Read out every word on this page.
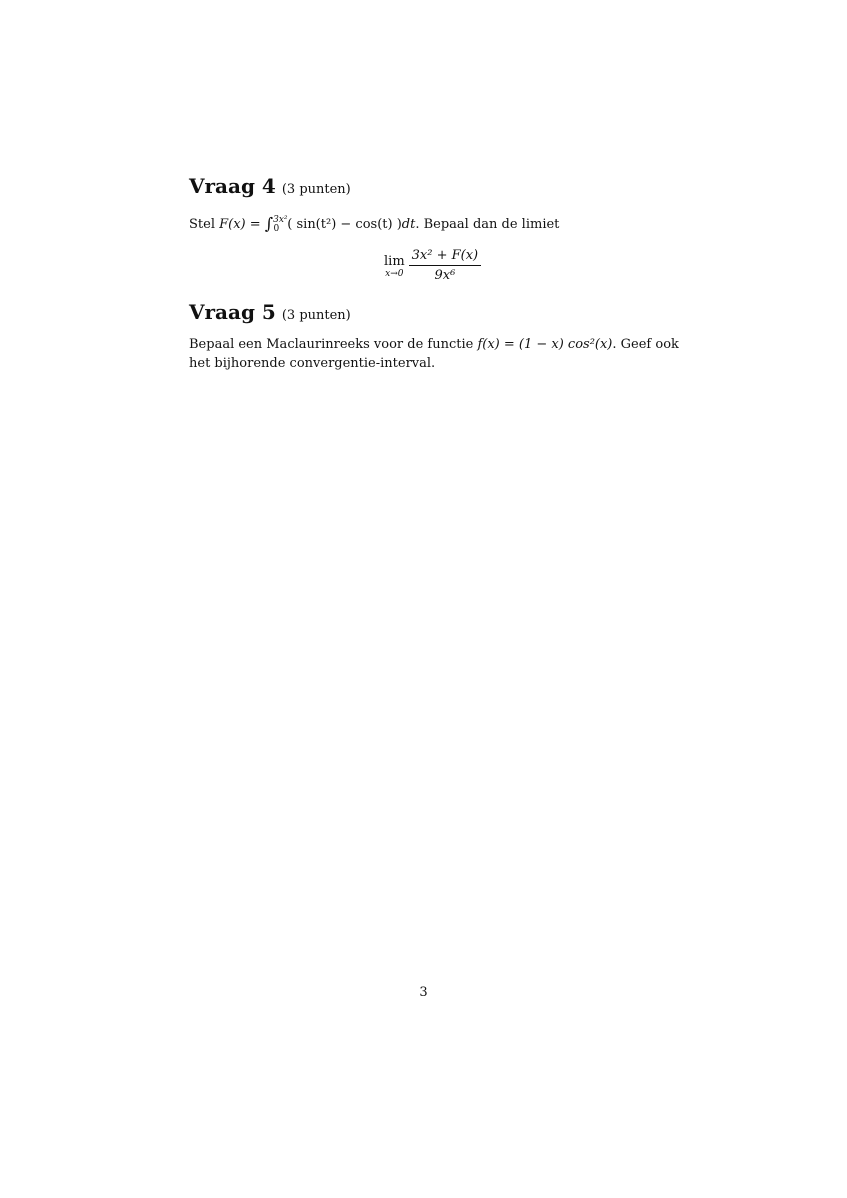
Vraag 4 (3 punten)

Stel F(x) = ∫$^{3x^2}_0$ ( sin(t²) − cos(t) )dt. Bepaal dan de limiet

lim
$x\to 0 \frac{\text{3x² + F(x)}}{\text{9x⁶}}$
Vraag 5 (3 punten)

Bepaal een Maclaurinreeks voor de functie f(x) = (1 − x) cos²(x). Geef ook het bijhorende convergentie-interval.

3
